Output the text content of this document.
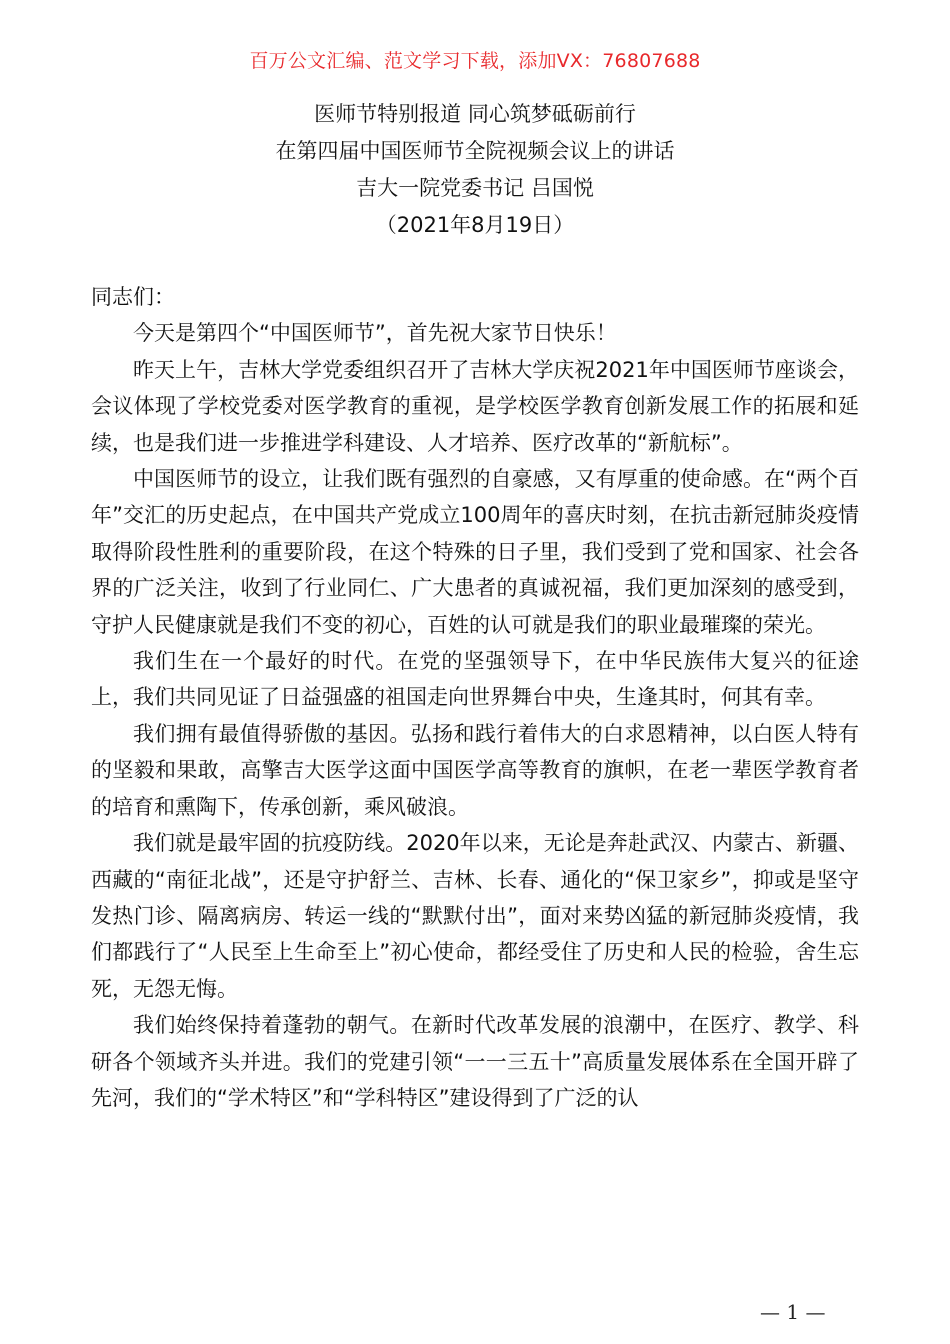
百万公文汇编、范文学习下载，添加VX：76807688
医师节特别报道 同心筑梦砥砺前行
在第四届中国医师节全院视频会议上的讲话
吉大一院党委书记 吕国悦
（2021年8月19日）

同志们：

今天是第四个“中国医师节”，首先祝大家节日快乐！

昨天上午，吉林大学党委组织召开了吉林大学庆祝2021年中国医师节座谈会，会议体现了学校党委对医学教育的重视，是学校医学教育创新发展工作的拓展和延续，也是我们进一步推进学科建设、人才培养、医疗改革的“新航标”。

中国医师节的设立，让我们既有强烈的自豪感，又有厚重的使命感。在“两个百年”交汇的历史起点，在中国共产党成立100周年的喜庆时刻，在抗击新冠肺炎疫情取得阶段性胜利的重要阶段，在这个特殊的日子里，我们受到了党和国家、社会各界的广泛关注，收到了行业同仁、广大患者的真诚祝福，我们更加深刻的感受到，守护人民健康就是我们不变的初心，百姓的认可就是我们的职业最璀璨的荣光。

我们生在一个最好的时代。在党的坚强领导下，在中华民族伟大复兴的征途上，我们共同见证了日益强盛的祖国走向世界舞台中央，生逢其时，何其有幸。

我们拥有最值得骄傲的基因。弘扬和践行着伟大的白求恩精神，以白医人特有的坚毅和果敢，高擎吉大医学这面中国医学高等教育的旗帜，在老一辈医学教育者的培育和熏陶下，传承创新，乘风破浪。

我们就是最牢固的抗疫防线。2020年以来，无论是奔赴武汉、内蒙古、新疆、西藏的“南征北战”，还是守护舒兰、吉林、长春、通化的“保卫家乡”，抑或是坚守发热门诊、隔离病房、转运一线的“默默付出”，面对来势凶猛的新冠肺炎疫情，我们都践行了“人民至上生命至上”初心使命，都经受住了历史和人民的检验，舍生忘死，无怨无悔。

我们始终保持着蓬勃的朝气。在新时代改革发展的浪潮中，在医疗、教学、科研各个领域齐头并进。我们的党建引领“一一三五十”高质量发展体系在全国开辟了先河，我们的“学术特区”和“学科特区”建设得到了广泛的认

— 1 —
